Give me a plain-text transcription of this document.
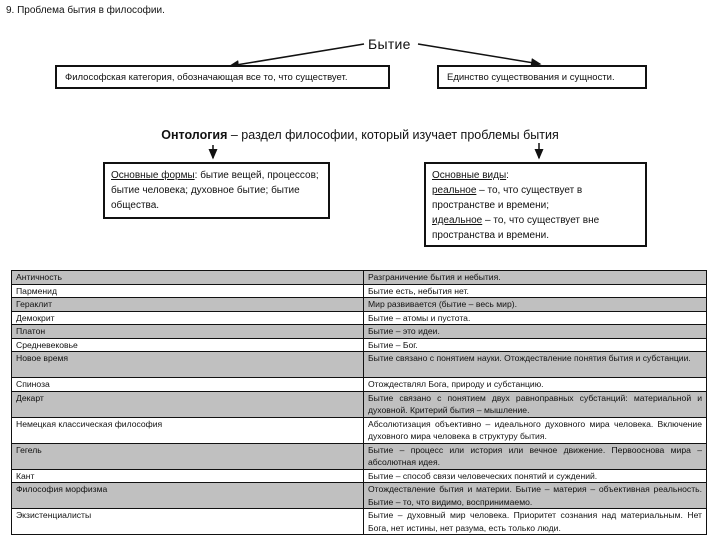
9. Проблема бытия в философии.
Бытие
Философская категория, обозначающая все то, что существует.	Единство существования и сущности.
Онтология – раздел философии, который изучает проблемы бытия
Основные формы: бытие вещей, процессов; бытие человека; духовное бытие; бытие общества.
Основные виды:
реальное – то, что существует в пространстве и времени;
идеальное – то, что существует вне пространства и времени.
Античность	Разграничение бытия и небытия.
Парменид	Бытие есть, небытия нет.
Гераклит	Мир развивается (бытие – весь мир).
Демокрит	Бытие – атомы и пустота.
Платон	Бытие – это идеи.
Средневековье	Бытие – Бог.
Новое время	Бытие связано с понятием науки. Отождествление понятия бытия и субстанции.
Спиноза	Отождествлял Бога, природу и субстанцию.
Декарт	Бытие связано с понятием двух равноправных субстанций: материальной и духовной. Критерий бытия – мышление.
Немецкая классическая философия	Абсолютизация объективно – идеального духовного мира человека. Включение духовного мира человека в структуру бытия.
Гегель	Бытие – процесс или история или вечное движение. Первооснова мира – абсолютная идея.
Кант	Бытие – способ связи человеческих понятий и суждений.
Философия морфизма	Отождествление бытия и материи. Бытие – материя – объективная реальность. Бытие – то, что видимо, воспринимаемо.
Экзистенциалисты	Бытие – духовный мир человека. Приоритет сознания над материальным. Нет Бога, нет истины, нет разума, есть только люди.
